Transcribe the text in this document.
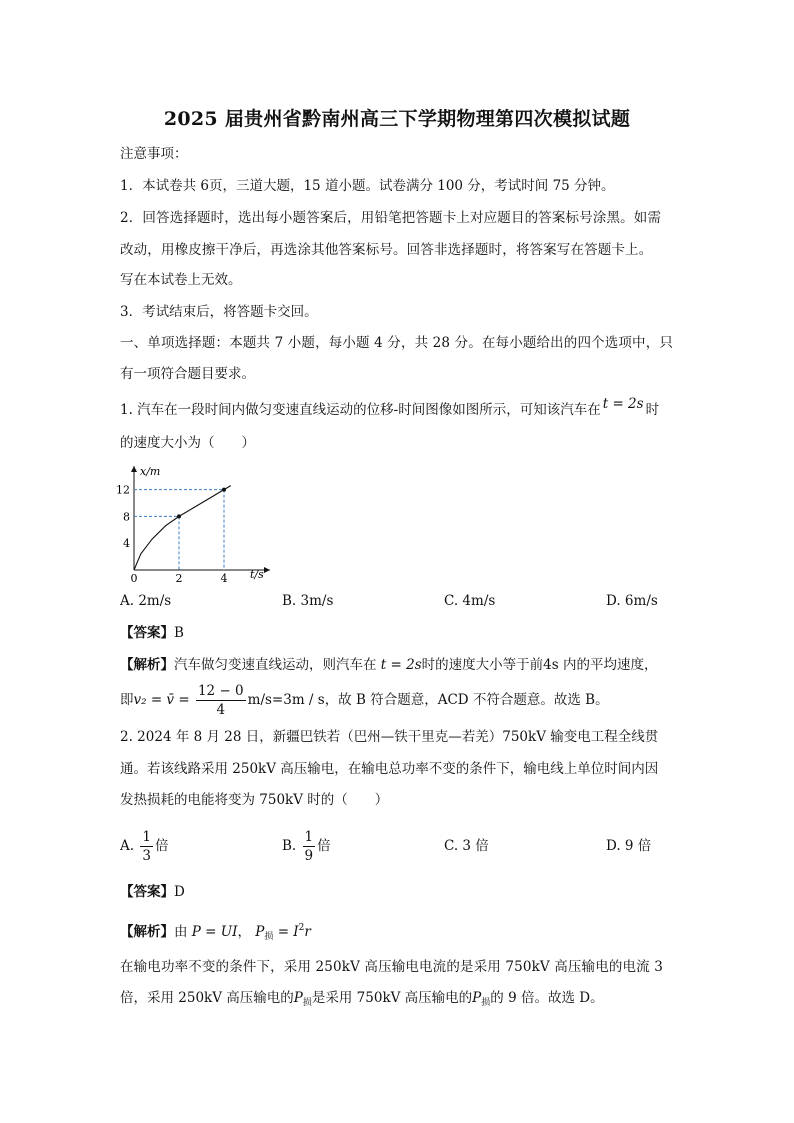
2025 届贵州省黔南州高三下学期物理第四次模拟试题
注意事项：
1．本试卷共 6页，三道大题，15 道小题。试卷满分 100 分，考试时间 75 分钟。
2．回答选择题时，选出每小题答案后，用铅笔把答题卡上对应题目的答案标号涂黑。如需
改动，用橡皮擦干净后，再选涂其他答案标号。回答非选择题时，将答案写在答题卡上。
写在本试卷上无效。
3．考试结束后，将答题卡交回。
一、单项选择题：本题共 7 小题，每小题 4 分，共 28 分。在每小题给出的四个选项中，只
有一项符合题目要求。
1. 汽车在一段时间内做匀变速直线运动的位移-时间图像如图所示，可知该汽车在 t = 2s 时
的速度大小为（　　）
4
8
12
0	2	4
x/m
t/s
A. 2m/s	B. 3m/s	C. 4m/s	D. 6m/s
【答案】B
【解析】汽车做匀变速直线运动，则汽车在 t = 2s时的速度大小等于前4s 内的平均速度，
即v₂ = v̄ = $\frac{12 - 0}{4} m/s=3m / s$，故 B 符合题意，ACD 不符合题意。故选 B。
2. 2024 年 8 月 28 日，新疆巴铁若（巴州—铁干里克—若羌）750kV 输变电工程全线贯
通。若该线路采用 250kV 高压输电，在输电总功率不变的条件下，输电线上单位时间内因
发热损耗的电能将变为 750kV 时的（　　）
A. $\frac{1}{3}$ 倍	B. $\frac{1}{9}$ 倍	C. 3 倍	D. 9 倍
【答案】D
【解析】由 P = UI， $P_损 = I^2r$
在输电功率不变的条件下，采用 250kV 高压输电电流的是采用 750kV 高压输电的电流 3
倍，采用 250kV 高压输电的$P_损$是采用 750kV 高压输电的$P_损$的 9 倍。故选 D。
